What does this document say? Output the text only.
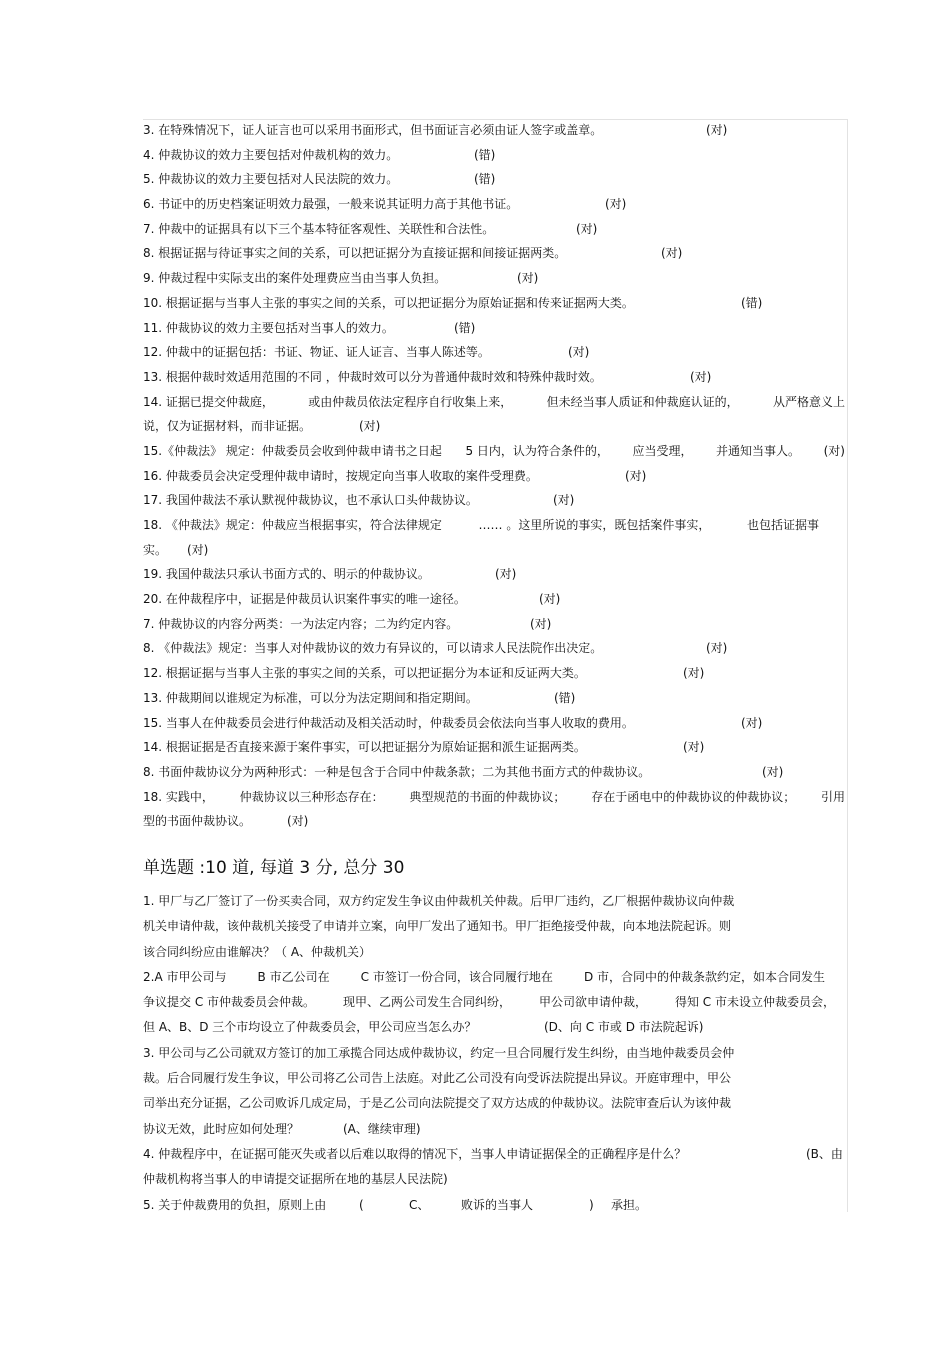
3. 在特殊情况下，证人证言也可以采用书面形式，但书面证言必须由证人签字或盖章。	(对)
4. 仲裁协议的效力主要包括对仲裁机构的效力。	(错)
5. 仲裁协议的效力主要包括对人民法院的效力。	(错)
6. 书证中的历史档案证明效力最强，一般来说其证明力高于其他书证。	(对)
7. 仲裁中的证据具有以下三个基本特征客观性、关联性和合法性。	(对)
8. 根据证据与待证事实之间的关系，可以把证据分为直接证据和间接证据两类。	(对)
9. 仲裁过程中实际支出的案件处理费应当由当事人负担。	(对)
10. 根据证据与当事人主张的事实之间的关系，可以把证据分为原始证据和传来证据两大类。	(错)
11. 仲裁协议的效力主要包括对当事人的效力。	(错)
12. 仲裁中的证据包括：书证、物证、证人证言、当事人陈述等。	(对)
13. 根据仲裁时效适用范围的不同 ，仲裁时效可以分为普通仲裁时效和特殊仲裁时效。	(对)
14. 证据已提交仲裁庭，	或由仲裁员依法定程序自行收集上来，	但未经当事人质证和仲裁庭认证的，	从严格意义上
说，仅为证据材料，而非证据。	(对)
15.《仲裁法》 规定：仲裁委员会收到仲裁申请书之日起 5 日内，认为符合条件的， 应当受理， 并通知当事人。 (对)
16. 仲裁委员会决定受理仲裁申请时，按规定向当事人收取的案件受理费。	(对)
17. 我国仲裁法不承认默视仲裁协议，也不承认口头仲裁协议。	(对)
18. 《仲裁法》规定：仲裁应当根据事实，符合法律规定	…… 。这里所说的事实，既包括案件事实，	也包括证据事
实。 (对)
19. 我国仲裁法只承认书面方式的、明示的仲裁协议。	(对)
20. 在仲裁程序中，证据是仲裁员认识案件事实的唯一途径。	(对)
7. 仲裁协议的内容分两类：一为法定内容；二为约定内容。	(对)
8. 《仲裁法》规定：当事人对仲裁协议的效力有异议的，可以请求人民法院作出决定。	(对)
12. 根据证据与当事人主张的事实之间的关系，可以把证据分为本证和反证两大类。	(对)
13. 仲裁期间以谁规定为标准，可以分为法定期间和指定期间。	(错)
15. 当事人在仲裁委员会进行仲裁活动及相关活动时，仲裁委员会依法向当事人收取的费用。	(对)
14. 根据证据是否直接来源于案件事实，可以把证据分为原始证据和派生证据两类。	(对)
8. 书面仲裁协议分为两种形式：一种是包含于合同中仲裁条款；二为其他书面方式的仲裁协议。	(对)
18. 实践中， 仲裁协议以三种形态存在： 典型规范的书面的仲裁协议； 存在于函电中的仲裁协议的仲裁协议； 引用
型的书面仲裁协议。	(对)
单选题 :10 道, 每道 3 分, 总分 30
1. 甲厂与乙厂签订了一份买卖合同，双方约定发生争议由仲裁机关仲裁。后甲厂违约，乙厂根据仲裁协议向仲裁
机关申请仲裁，该仲裁机关接受了申请并立案，向甲厂发出了通知书。甲厂拒绝接受仲裁，向本地法院起诉。则
该合同纠纷应由谁解决？（ A、仲裁机关）
2.A 市甲公司与	B 市乙公司在	C 市签订一份合同，该合同履行地在	D 市，合同中的仲裁条款约定，如本合同发生
争议提交 C 市仲裁委员会仲裁。 现甲、乙两公司发生合同纠纷， 甲公司欲申请仲裁， 得知 C 市未设立仲裁委员会，
但 A、B、D 三个市均设立了仲裁委员会，甲公司应当怎么办？	(D、向 C 市或 D 市法院起诉)
3. 甲公司与乙公司就双方签订的加工承揽合同达成仲裁协议，约定一旦合同履行发生纠纷，由当地仲裁委员会仲
裁。后合同履行发生争议，甲公司将乙公司告上法庭。对此乙公司没有向受诉法院提出异议。开庭审理中，甲公
司举出充分证据，乙公司败诉几成定局，于是乙公司向法院提交了双方达成的仲裁协议。法院审查后认为该仲裁
协议无效，此时应如何处理？	(A、继续审理)
4. 仲裁程序中，在证据可能灭失或者以后难以取得的情况下，当事人申请证据保全的正确程序是什么？	(B、由
仲裁机构将当事人的申请提交证据所在地的基层人民法院)
5. 关于仲裁费用的负担，原则上由	(	C、	败诉的当事人	) 承担。
